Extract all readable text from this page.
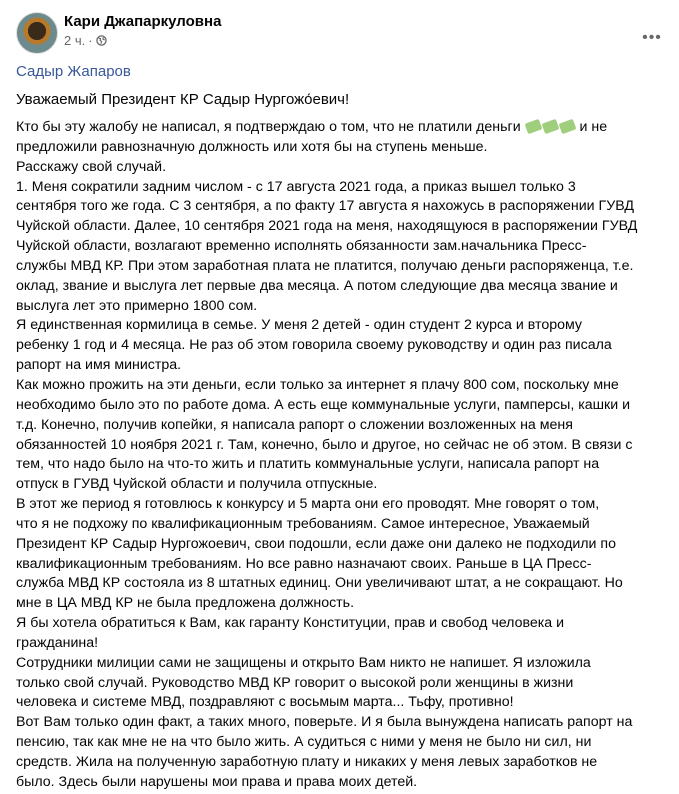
Кари Джапаркуловна
2 ч. ·	•••
Садыр Жапаров
Уважаемый Президент КР Садыр Нургожо́евич!
Кто бы эту жалобу не написал, я подтверждаю о том, что не платили деньги	и не
предложили равнозначную должность или хотя бы на ступень меньше.
Расскажу свой случай.
1. Меня сократили задним числом - с 17 августа 2021 года, а приказ вышел только 3
сентября того же года. С 3 сентября, а по факту 17 августа я нахожусь в распоряжении ГУВД
Чуйской области. Далее, 10 сентября 2021 года на меня, находящуюся в распоряжении ГУВД
Чуйской области, возлагают временно исполнять обязанности зам.начальника Пресс-
службы МВД КР. При этом заработная плата не платится, получаю деньги распоряженца, т.е.
оклад, звание и выслуга лет первые два месяца. А потом следующие два месяца звание и
выслуга лет это примерно 1800 сом.
Я единственная кормилица в семье. У меня 2 детей - один студент 2 курса и второму
ребенку 1 год и 4 месяца. Не раз об этом говорила своему руководству и один раз писала
рапорт на имя министра.
Как можно прожить на эти деньги, если только за интернет я плачу 800 сом, поскольку мне
необходимо было это по работе дома. А есть еще коммунальные услуги, памперсы, кашки и
т.д. Конечно, получив копейки, я написала рапорт о сложении возложенных на меня
обязанностей 10 ноября 2021 г. Там, конечно, было и другое, но сейчас не об этом. В связи с
тем, что надо было на что-то жить и платить коммунальные услуги, написала рапорт на
отпуск в ГУВД Чуйской области и получила отпускные.
В этот же период я готовлюсь к конкурсу и 5 марта они его проводят. Мне говорят о том,
что я не подхожу по квалификационным требованиям. Самое интересное, Уважаемый
Президент КР Садыр Нургожоевич, свои подошли, если даже они далеко не подходили по
квалификационным требованиям. Но все равно назначают своих. Раньше в ЦА Пресс-
служба МВД КР состояла из 8 штатных единиц. Они увеличивают штат, а не сокращают. Но
мне в ЦА МВД КР не была предложена должность.
Я бы хотела обратиться к Вам, как гаранту Конституции, прав и свобод человека и
гражданина!
Сотрудники милиции сами не защищены и открыто Вам никто не напишет. Я изложила
только свой случай. Руководство МВД КР говорит о высокой роли женщины в жизни
человека и системе МВД, поздравляют с восьмым марта... Тьфу, противно!
Вот Вам только один факт, а таких много, поверьте. И я была вынуждена написать рапорт на
пенсию, так как мне не на что было жить. А судиться с ними у меня не было ни сил, ни
средств. Жила на полученную заработную плату и никаких у меня левых заработков не
было. Здесь были нарушены мои права и права моих детей.
